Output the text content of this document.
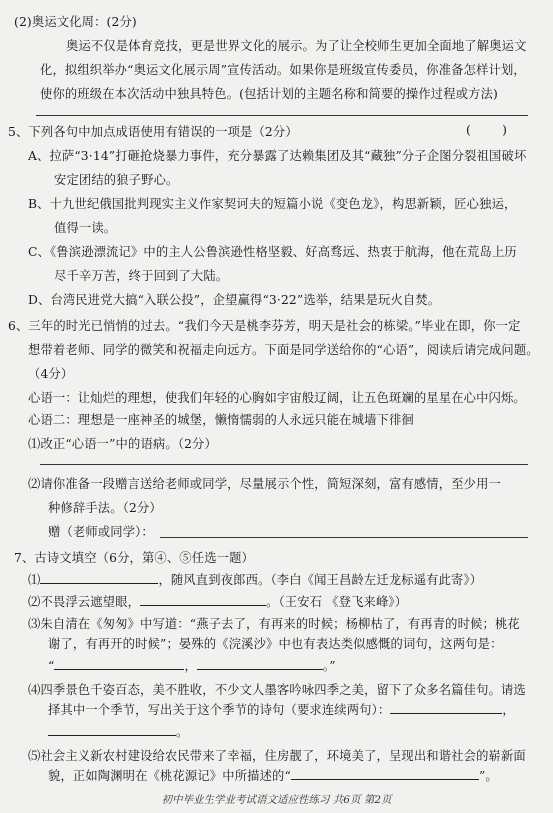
(2)奥运文化周：(2分)
奥运不仅是体育竞技，更是世界文化的展示。为了让全校师生更加全面地了解奥运文
化，拟组织举办“奥运文化展示周”宣传活动。如果你是班级宣传委员，你准备怎样计划，
使你的班级在本次活动中独具特色。(包括计划的主题名称和简要的操作过程或方法)
5、下列各句中加点成语使用有错误的一项是（2分）	(        )
A、拉萨“3·14”打砸抢烧暴力事件，充分暴露了达赖集团及其“藏独”分子企图分裂祖国破坏
安定团结的狼子野心。
B、十九世纪俄国批判现实主义作家契诃夫的短篇小说《变色龙》，构思新颖，匠心独运，
值得一读。
C、《鲁滨逊漂流记》中的主人公鲁滨逊性格坚毅、好高骛远、热衷于航海，他在荒岛上历
尽千辛万苦，终于回到了大陆。
D、台湾民进党大搞“入联公投”，企望赢得“3·22”选举，结果是玩火自焚。
6、三年的时光已悄悄的过去。“我们今天是桃李芬芳，明天是社会的栋梁。”毕业在即，你一定
想带着老师、同学的微笑和祝福走向远方。下面是同学送给你的“心语”，阅读后请完成问题。
（4分）
心语一：让灿烂的理想，使我们年轻的心胸如宇宙般辽阔，让五色斑斓的星星在心中闪烁。
心语二：理想是一座神圣的城堡，懒惰懦弱的人永远只能在城墙下徘徊
⑴改正“心语一”中的语病。（2分）
⑵请你准备一段赠言送给老师或同学，尽量展示个性，简短深刻，富有感情，至少用一
种修辞手法。（2分）
赠（老师或同学）：
7、古诗文填空（6分，第④、⑤任选一题）
⑴	，随风直到夜郎西。（李白《闻王昌龄左迁龙标遥有此寄》）
⑵不畏浮云遮望眼，	。（王安石 《登飞来峰》）
⑶朱自清在《匆匆》中写道：“燕子去了，有再来的时候；杨柳枯了，有再青的时候；桃花
谢了，有再开的时候”；晏殊的《浣溪沙》中也有表达类似感慨的词句，这两句是：
“	，	。”
⑷四季景色千姿百态，美不胜收，不少文人墨客吟咏四季之美，留下了众多名篇佳句。请选
择其中一个季节，写出关于这个季节的诗句（要求连续两句）：	，
。
⑸社会主义新农村建设给农民带来了幸福，住房靓了，环境美了，呈现出和谐社会的崭新面
貌，正如陶渊明在《桃花源记》中所描述的“	”。
初中毕业生学业考试语文适应性练习 共6页 第2页
